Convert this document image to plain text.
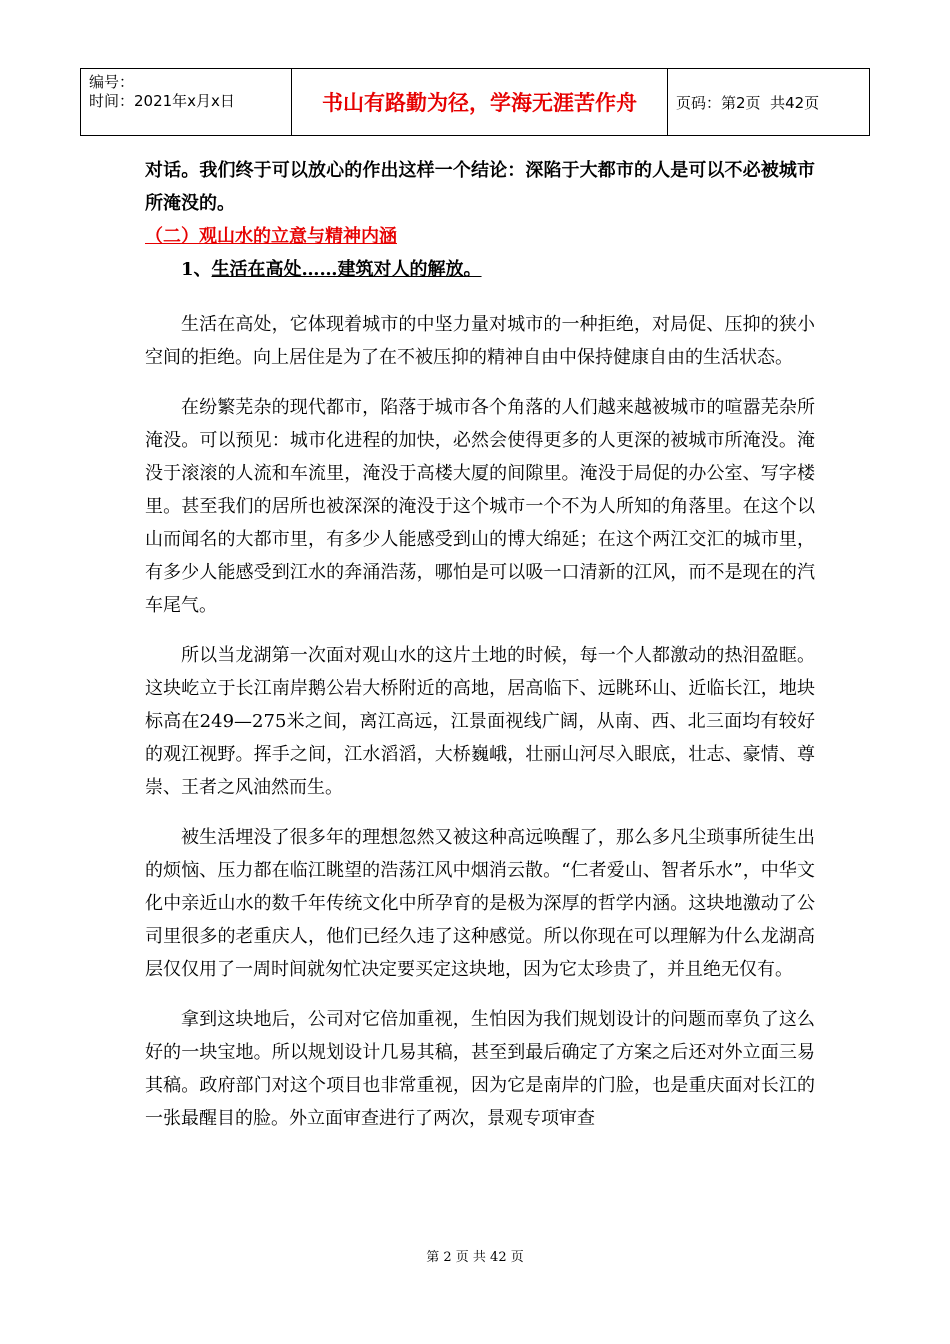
编号：
时间：2021年x月x日	书山有路勤为径，学海无涯苦作舟	页码：第2页  共42页

对话。我们终于可以放心的作出这样一个结论：深陷于大都市的人是可以不必被城市所淹没的。

（二）观山水的立意与精神内涵
1、生活在高处……建筑对人的解放。

生活在高处，它体现着城市的中坚力量对城市的一种拒绝，对局促、压抑的狭小空间的拒绝。向上居住是为了在不被压抑的精神自由中保持健康自由的生活状态。

在纷繁芜杂的现代都市，陷落于城市各个角落的人们越来越被城市的喧嚣芜杂所淹没。可以预见：城市化进程的加快，必然会使得更多的人更深的被城市所淹没。淹没于滚滚的人流和车流里，淹没于高楼大厦的间隙里。淹没于局促的办公室、写字楼里。甚至我们的居所也被深深的淹没于这个城市一个不为人所知的角落里。在这个以山而闻名的大都市里，有多少人能感受到山的博大绵延；在这个两江交汇的城市里，有多少人能感受到江水的奔涌浩荡，哪怕是可以吸一口清新的江风，而不是现在的汽车尾气。

所以当龙湖第一次面对观山水的这片土地的时候，每一个人都激动的热泪盈眶。这块屹立于长江南岸鹅公岩大桥附近的高地，居高临下、远眺环山、近临长江，地块标高在249—275米之间，离江高远，江景面视线广阔，从南、西、北三面均有较好的观江视野。挥手之间，江水滔滔，大桥巍峨，壮丽山河尽入眼底，壮志、豪情、尊崇、王者之风油然而生。

被生活埋没了很多年的理想忽然又被这种高远唤醒了，那么多凡尘琐事所徒生出的烦恼、压力都在临江眺望的浩荡江风中烟消云散。“仁者爱山、智者乐水”，中华文化中亲近山水的数千年传统文化中所孕育的是极为深厚的哲学内涵。这块地激动了公司里很多的老重庆人，他们已经久违了这种感觉。所以你现在可以理解为什么龙湖高层仅仅用了一周时间就匆忙决定要买定这块地，因为它太珍贵了，并且绝无仅有。

拿到这块地后，公司对它倍加重视，生怕因为我们规划设计的问题而辜负了这么好的一块宝地。所以规划设计几易其稿，甚至到最后确定了方案之后还对外立面三易其稿。政府部门对这个项目也非常重视，因为它是南岸的门脸，也是重庆面对长江的一张最醒目的脸。外立面审查进行了两次，景观专项审查

第 2 页 共 42 页
